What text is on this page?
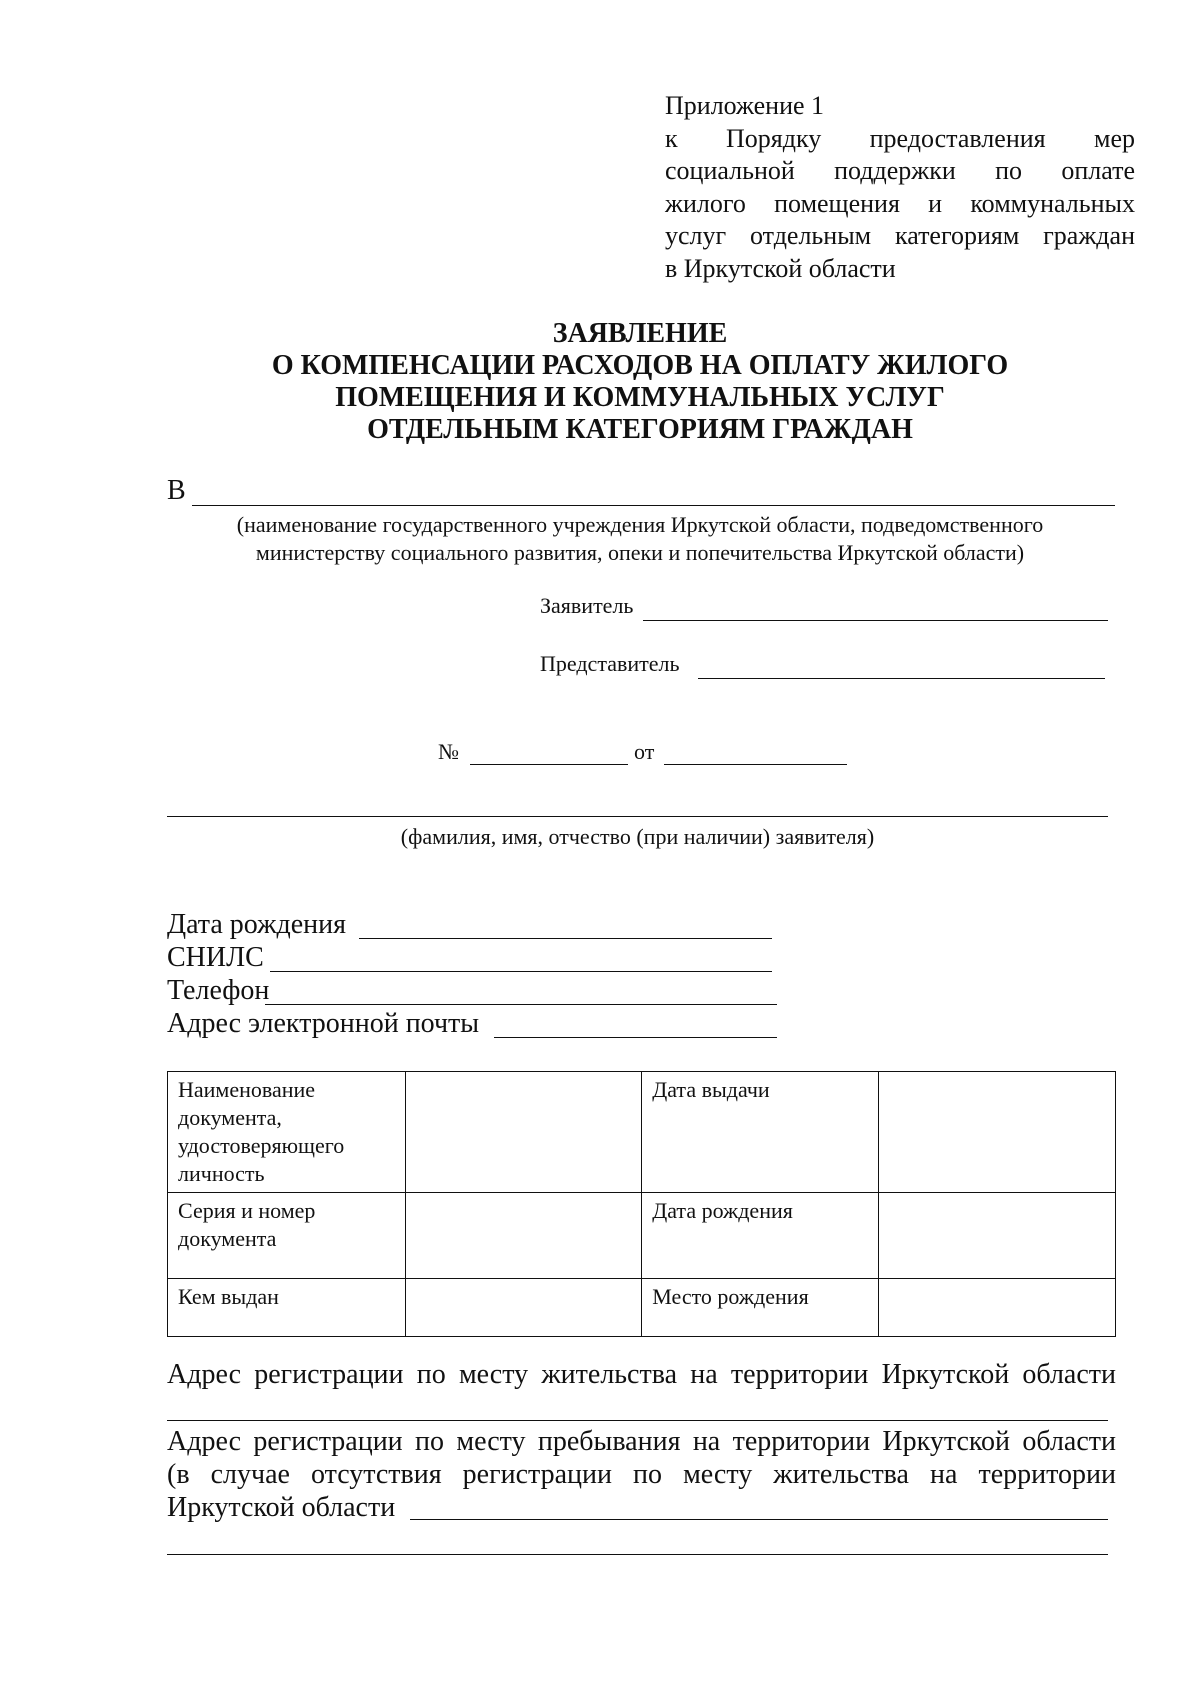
Приложение 1
к Порядку предоставления мер
социальной поддержки по оплате
жилого помещения и коммунальных
услуг отдельным категориям граждан
в Иркутской области
ЗАЯВЛЕНИЕ
О КОМПЕНСАЦИИ РАСХОДОВ НА ОПЛАТУ ЖИЛОГО
ПОМЕЩЕНИЯ И КОММУНАЛЬНЫХ УСЛУГ
ОТДЕЛЬНЫМ КАТЕГОРИЯМ ГРАЖДАН
В
(наименование государственного учреждения Иркутской области, подведомственного
министерству социального развития, опеки и попечительства Иркутской области)
Заявитель
Представитель
№	от
(фамилия, имя, отчество (при наличии) заявителя)
Дата рождения
СНИЛС
Телефон
Адрес электронной почты
Наименование документа, удостоверяющего личность		Дата выдачи	
Серия и номер документа		Дата рождения	
Кем выдан		Место рождения	
Адрес регистрации по месту жительства на территории Иркутской области
Адрес регистрации по месту пребывания на территории Иркутской области
(в случае отсутствия регистрации по месту жительства на территории
Иркутской области
